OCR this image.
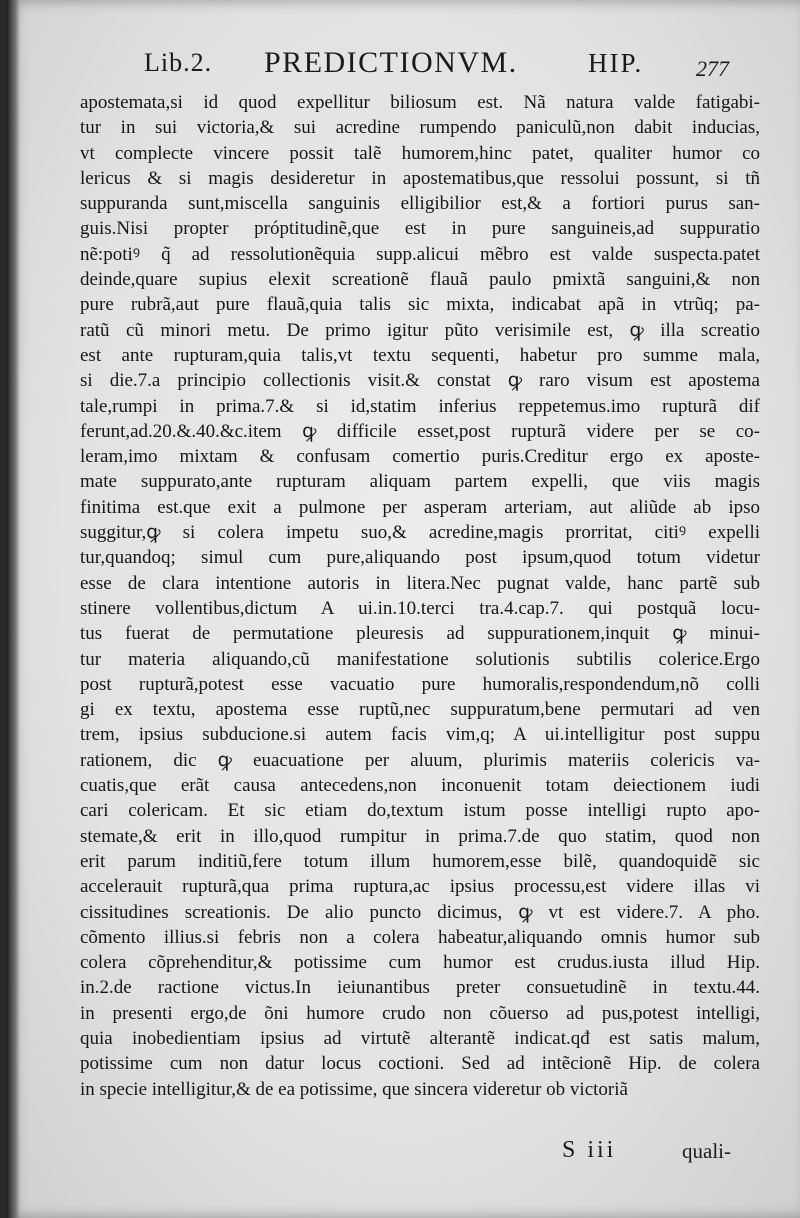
Lib.2. PREDICTIONVM.	HIP. 277
apostemata,si id quod expellitur biliosum est. Nã natura valde fatigabi-
tur in sui victoria,& sui acredine rumpendo paniculũ,non dabit inducias,
vt complecte vincere possit talẽ humorem,hinc patet, qualiter humor co
lericus & si magis desideretur in apostematibus,que ressolui possunt, si tñ
suppuranda sunt,miscella sanguinis elligibilior est,& a fortiori purus san-
guis.Nisi propter próptitudinẽ,que est in pure sanguineis,ad suppuratio
nẽ:potiꝰ q̃ ad ressolutionẽquia supp.alicui mẽbro est valde suspecta.patet
deinde,quare supius elexit screationẽ flauã paulo pmixtã sanguini,& non
pure rubrã,aut pure flauã,quia talis sic mixta, indicabat apã in vtrũq; pa-
ratũ cũ minori metu. De primo igitur pũto verisimile est, ꝙ illa screatio
est ante rupturam,quia talis,vt textu sequenti, habetur pro summe mala,
si die.7.a principio collectionis visit.& constat ꝙ raro visum est apostema
tale,rumpi in prima.7.& si id,statim inferius reppetemus.imo rupturã dif
ferunt,ad.20.&.40.&c.item ꝙ difficile esset,post rupturã videre per se co-
leram,imo mixtam & confusam comertio puris.Creditur ergo ex aposte-
mate suppurato,ante rupturam aliquam partem expelli, que viis magis
finitima est.que exit a pulmone per asperam arteriam, aut aliũde ab ipso
suggitur,ꝙ si colera impetu suo,& acredine,magis prorritat, citiꝰ expelli
tur,quandoq; simul cum pure,aliquando post ipsum,quod totum videtur
esse de clara intentione autoris in litera.Nec pugnat valde, hanc partẽ sub
stinere vollentibus,dictum A ui.in.10.terci tra.4.cap.7. qui postquã locu-
tus fuerat de permutatione pleuresis ad suppurationem,inquit ꝙ minui-
tur materia aliquando,cũ manifestatione solutionis subtilis colerice.Ergo
post rupturã,potest esse vacuatio pure humoralis,respondendum,nõ colli
gi ex textu, apostema esse ruptũ,nec suppuratum,bene permutari ad ven
trem, ipsius subducione.si autem facis vim,q; A ui.intelligitur post suppu
rationem, dic ꝙ euacuatione per aluum, plurimis materiis colericis va-
cuatis,que erãt causa antecedens,non inconuenit totam deiectionem iudi
cari colericam. Et sic etiam do,textum istum posse intelligi rupto apo-
stemate,& erit in illo,quod rumpitur in prima.7.de quo statim, quod non
erit parum inditiũ,fere totum illum humorem,esse bilẽ, quandoquidẽ sic
accelerauit rupturã,qua prima ruptura,ac ipsius processu,est videre illas vi
cissitudines screationis. De alio puncto dicimus, ꝙ vt est videre.7. A pho.
cõmento illius.si febris non a colera habeatur,aliquando omnis humor sub
colera cõprehenditur,& potissime cum humor est crudus.iusta illud Hip.
in.2.de ractione victus.In ieiunantibus preter consuetudinẽ in textu.44.
in presenti ergo,de õni humore crudo non cõuerso ad pus,potest intelligi,
quia inobedientiam ipsius ad virtutẽ alterantẽ indicat.qđ est satis malum,
potissime cum non datur locus coctioni. Sed ad intẽcionẽ Hip. de colera
in specie intelligitur,& de ea potissime, que sincera videretur ob victoriã
S iii	quali-
